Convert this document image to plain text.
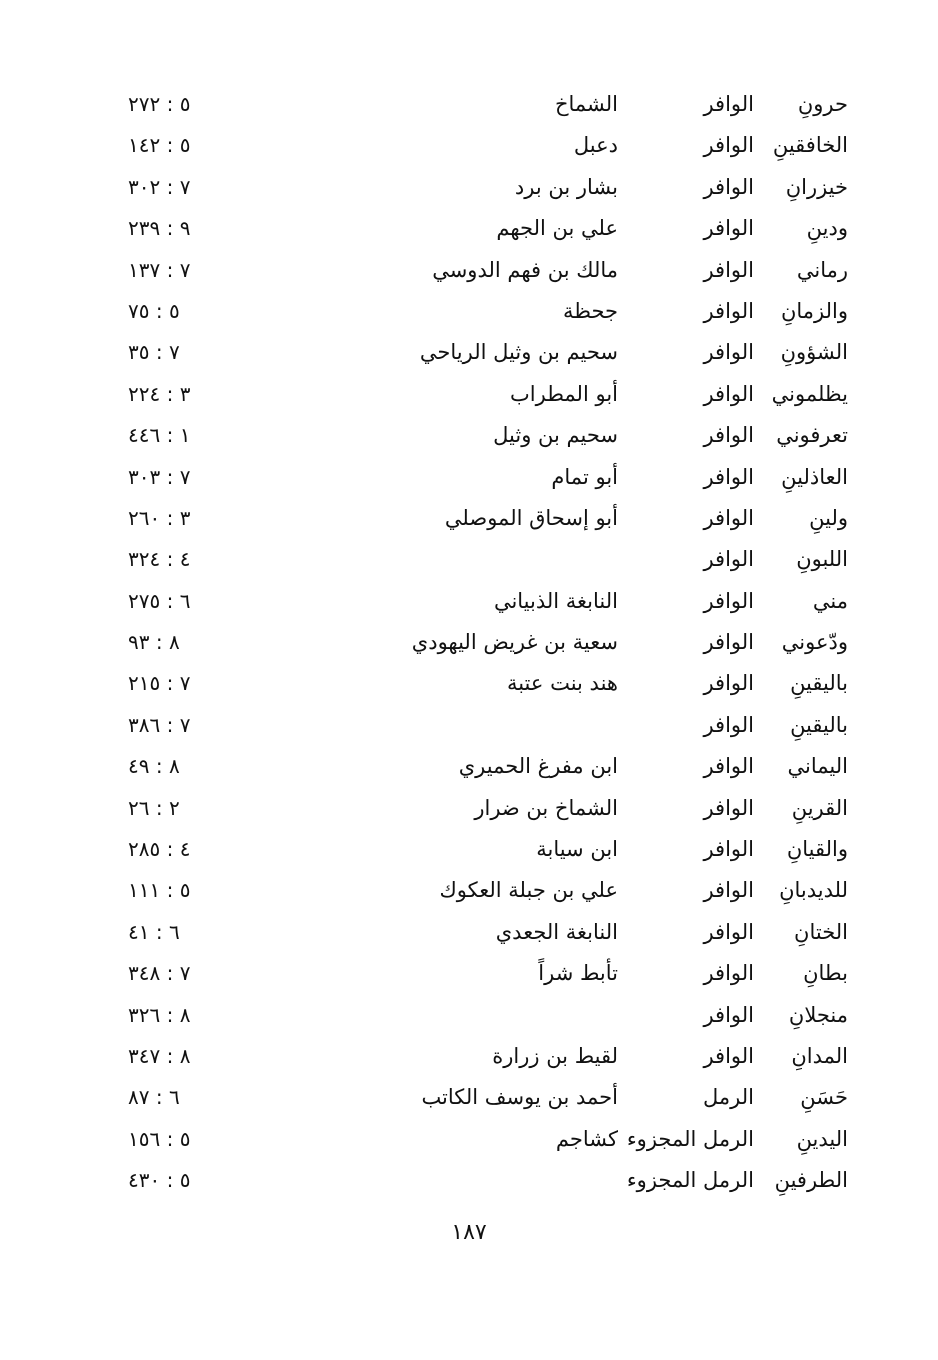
حرونِ
الوافر
الشماخ
٥ : ٢٧٢
الخافقينِ
الوافر
دعبل
٥ : ١٤٢
خيزرانِ
الوافر
بشار بن برد
٧ : ٣٠٢
ودينِ
الوافر
علي بن الجهم
٩ : ٢٣٩
رماني
الوافر
مالك بن فهم الدوسي
٧ : ١٣٧
والزمانِ
الوافر
جحظة
٥ : ٧٥
الشؤونِ
الوافر
سحيم بن وثيل الرياحي
٧ : ٣٥
يظلموني
الوافر
أبو المطراب
٣ : ٢٢٤
تعرفوني
الوافر
سحيم بن وثيل
١ : ٤٤٦
العاذلينِ
الوافر
أبو تمام
٧ : ٣٠٣
ولينِ
الوافر
أبو إسحاق الموصلي
٣ : ٢٦٠
اللبونِ
الوافر
٤ : ٣٢٤
مني
الوافر
النابغة الذبياني
٦ : ٢٧٥
ودّعوني
الوافر
سعية بن غريض اليهودي
٨ : ٩٣
باليقينِ
الوافر
هند بنت عتبة
٧ : ٢١٥
باليقينِ
الوافر
٧ : ٣٨٦
اليماني
الوافر
ابن مفرغ الحميري
٨ : ٤٩
القرينِ
الوافر
الشماخ بن ضرار
٢ : ٢٦
والقيانِ
الوافر
ابن سيابة
٤ : ٢٨٥
للديدبانِ
الوافر
علي بن جبلة العكوك
٥ : ١١١
الختانِ
الوافر
النابغة الجعدي
٦ : ٤١
بطانِ
الوافر
تأبط شراً
٧ : ٣٤٨
منجلانِ
الوافر
٨ : ٣٢٦
المدانِ
الوافر
لقيط بن زرارة
٨ : ٣٤٧
حَسَنِ
الرمل
أحمد بن يوسف الكاتب
٦ : ٨٧
اليدينِ
الرمل المجزوء
كشاجم
٥ : ١٥٦
الطرفينِ
الرمل المجزوء
٥ : ٤٣٠
١٨٧
